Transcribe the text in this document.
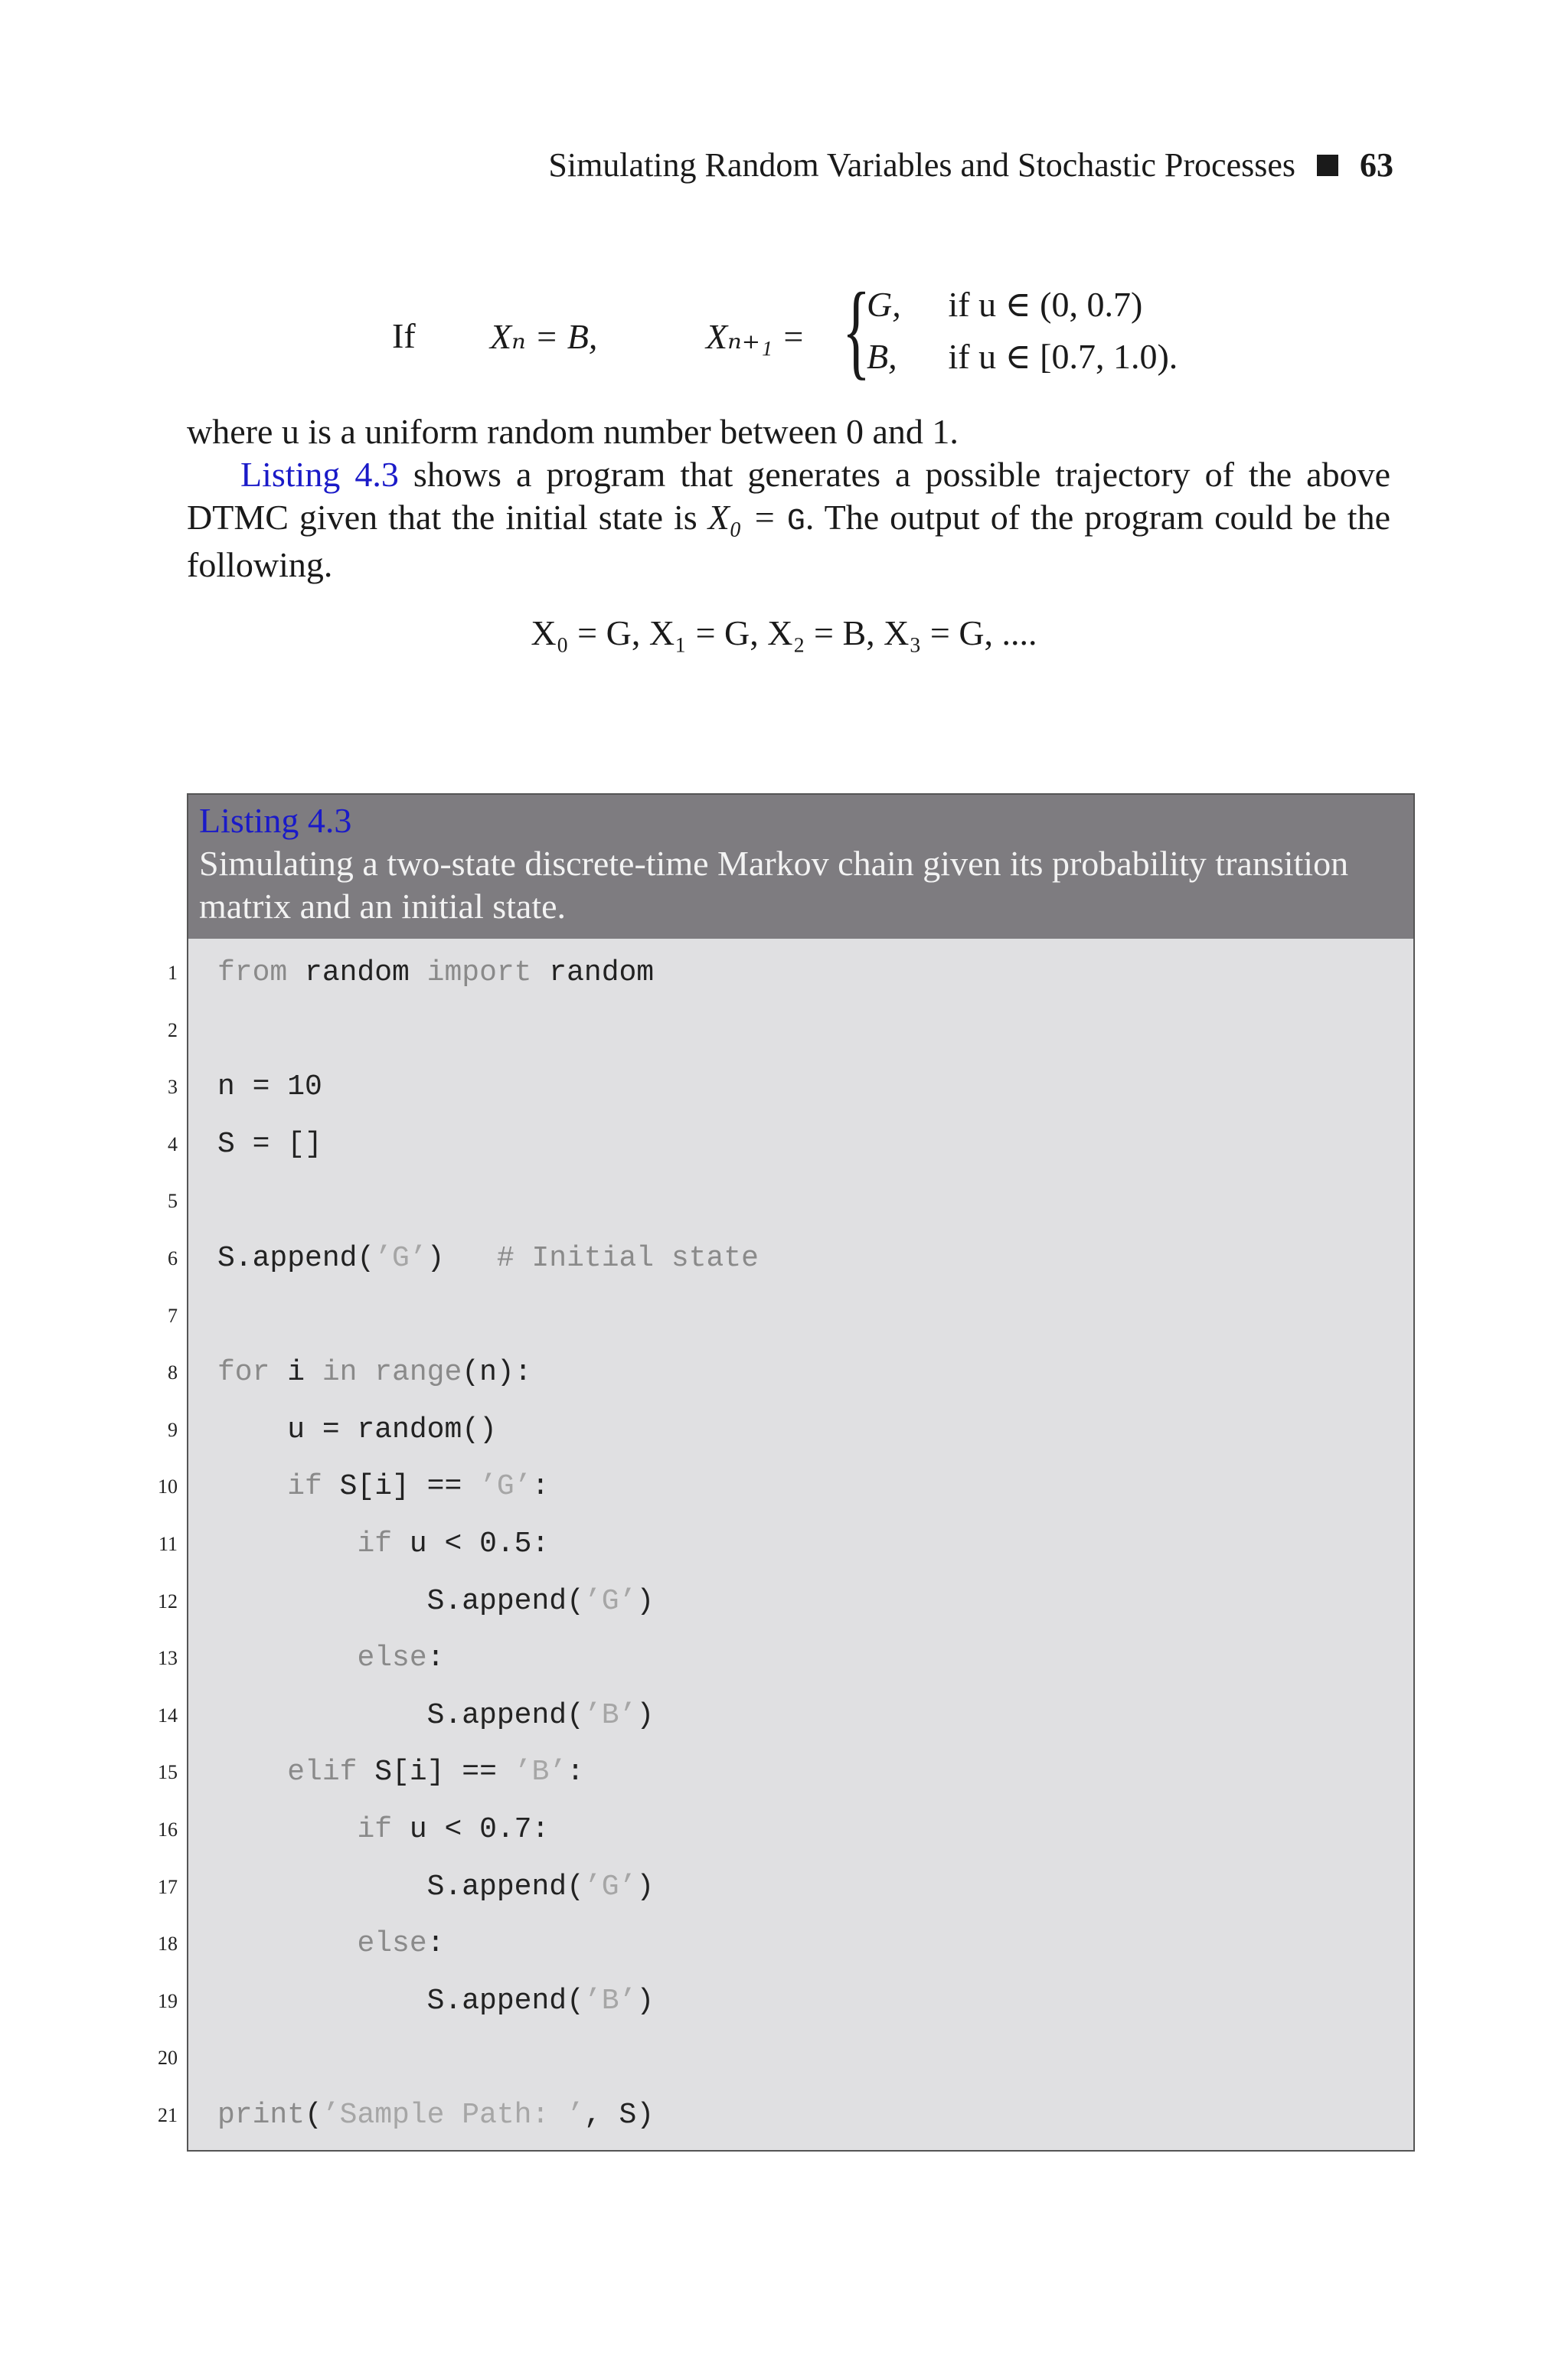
Simulating Random Variables and Stochastic Processes 63
If Xₙ = B,	Xₙ₊₁ = {
G, if u ∈ (0, 0.7)
B, if u ∈ [0.7, 1.0).
where u is a uniform random number between 0 and 1.
Listing 4.3 shows a program that generates a possible trajectory of the above DTMC given that the initial state is X₀ = G. The output of the program could be the following.
X₀ = G, X₁ = G, X₂ = B, X₃ = G, ....
Listing 4.3
Simulating a two-state discrete-time Markov chain given its probability transition matrix and an initial state.
1 from random import random
2
3 n = 10
4 S = []
5
6 S.append(’G’)   # Initial state
7
8 for i in range(n):
9 u = random()
10	if S[i] == ’G’:
11	if u < 0.5:
12 S.append(’G’)
13	else:
14 S.append(’B’)
15	elif S[i] == ’B’:
16	if u < 0.7:
17 S.append(’G’)
18	else:
19 S.append(’B’)
20
21 print(’Sample Path: ’, S)
